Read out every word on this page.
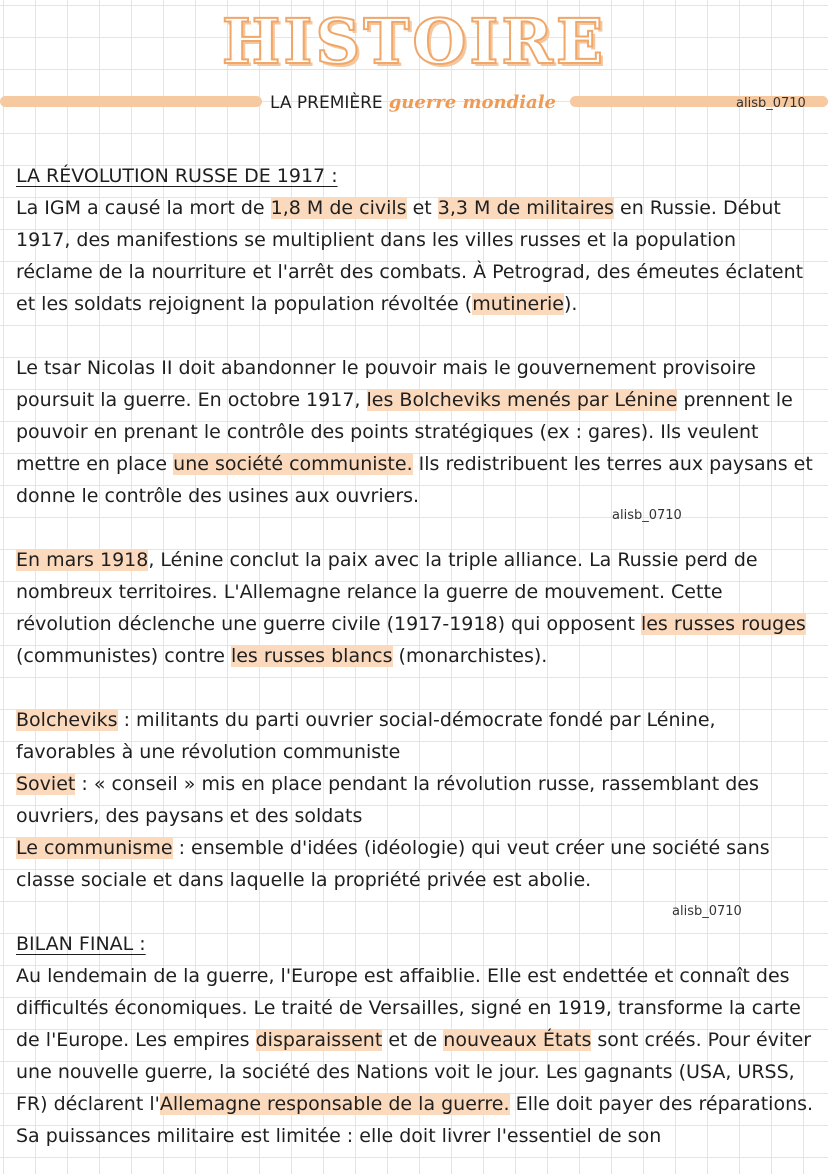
HISTOIRE
LA PREMIÈRE guerre mondiale	alisb_0710
alisb_0710
alisb_0710

LA RÉVOLUTION RUSSE DE 1917 :

La IGM a causé la mort de 1,8 M de civils et 3,3 M de militaires en Russie. Début 1917, des manifestions se multiplient dans les villes russes et la population réclame de la nourriture et l'arrêt des combats. À Petrograd, des émeutes éclatent et les soldats rejoignent la population révoltée (mutinerie).

Le tsar Nicolas II doit abandonner le pouvoir mais le gouvernement provisoire poursuit la guerre. En octobre 1917, les Bolcheviks menés par Lénine prennent le pouvoir en prenant le contrôle des points stratégiques (ex : gares). Ils veulent mettre en place une société communiste. Ils redistribuent les terres aux paysans et donne le contrôle des usines aux ouvriers.

En mars 1918, Lénine conclut la paix avec la triple alliance. La Russie perd de nombreux territoires. L'Allemagne relance la guerre de mouvement. Cette révolution déclenche une guerre civile (1917-1918) qui opposent les russes rouges (communistes) contre les russes blancs (monarchistes).

Bolcheviks : militants du parti ouvrier social-démocrate fondé par Lénine, favorables à une révolution communiste

Soviet : « conseil » mis en place pendant la révolution russe, rassemblant des ouvriers, des paysans et des soldats

Le communisme : ensemble d'idées (idéologie) qui veut créer une société sans classe sociale et dans laquelle la propriété privée est abolie.

BILAN FINAL :

Au lendemain de la guerre, l'Europe est affaiblie. Elle est endettée et connaît des difficultés économiques. Le traité de Versailles, signé en 1919, transforme la carte de l'Europe. Les empires disparaissent et de nouveaux États sont créés. Pour éviter une nouvelle guerre, la société des Nations voit le jour. Les gagnants (USA, URSS, FR) déclarent l'Allemagne responsable de la guerre. Elle doit payer des réparations. Sa puissances militaire est limitée : elle doit livrer l'essentiel de son
